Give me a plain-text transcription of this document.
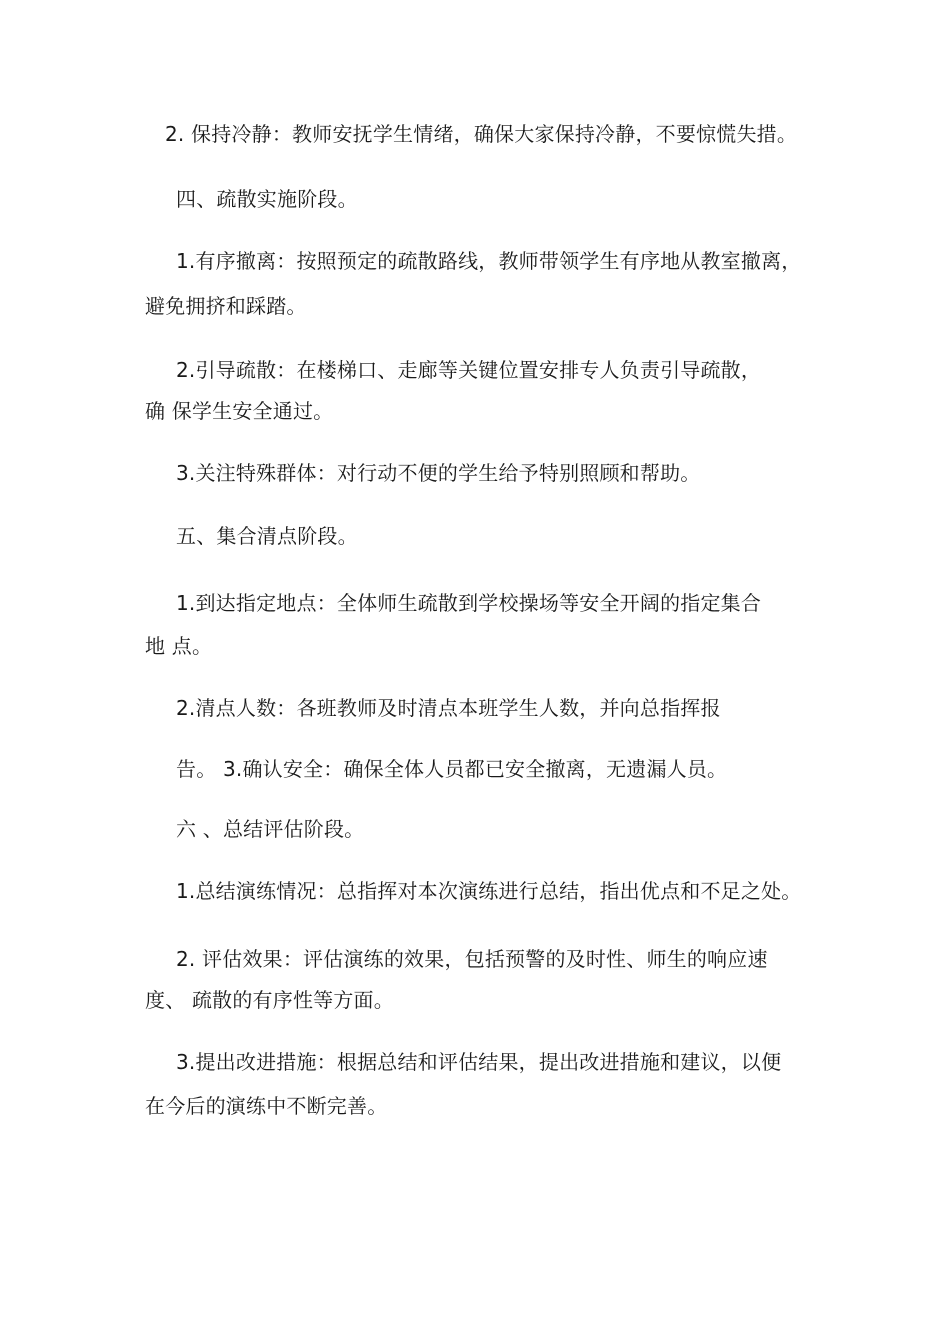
2. 保持冷静：教师安抚学生情绪，确保大家保持冷静，不要惊慌失措。
四、疏散实施阶段。
1.有序撤离：按照预定的疏散路线，教师带领学生有序地从教室撤离，
避免拥挤和踩踏。
2.引导疏散：在楼梯口、走廊等关键位置安排专人负责引导疏散，
确 保学生安全通过。
3.关注特殊群体：对行动不便的学生给予特别照顾和帮助。
五、集合清点阶段。
1.到达指定地点：全体师生疏散到学校操场等安全开阔的指定集合
地 点。
2.清点人数：各班教师及时清点本班学生人数，并向总指挥报
告。 3.确认安全：确保全体人员都已安全撤离，无遗漏人员。
六 、总结评估阶段。
1.总结演练情况：总指挥对本次演练进行总结，指出优点和不足之处。
2. 评估效果：评估演练的效果，包括预警的及时性、师生的响应速
度、 疏散的有序性等方面。
3.提出改进措施：根据总结和评估结果，提出改进措施和建议，以便
在今后的演练中不断完善。
